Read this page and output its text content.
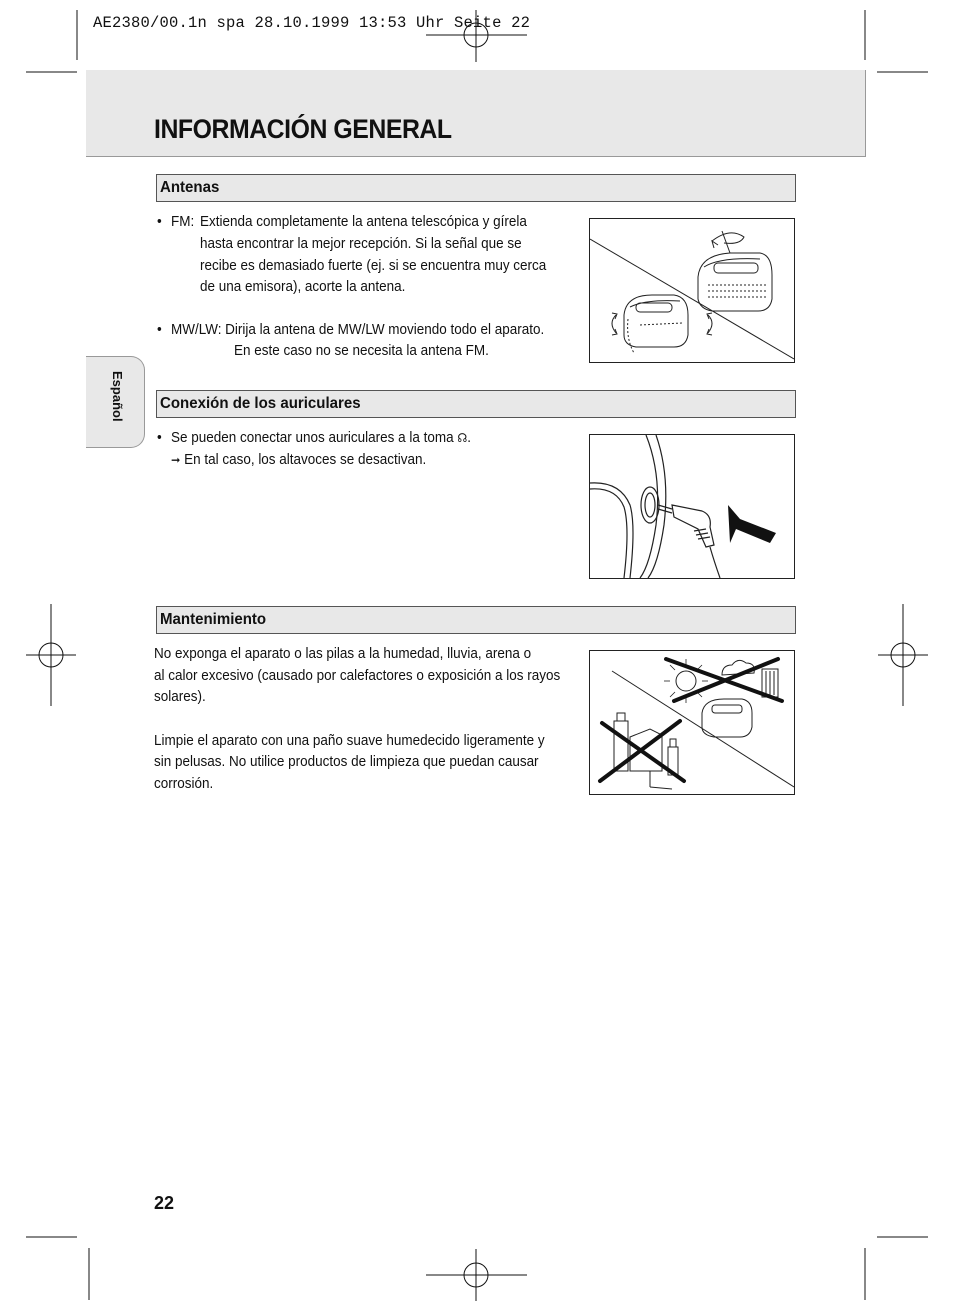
AE2380/00.1n spa 28.10.1999 13:53 Uhr Seite 22
INFORMACIÓN GENERAL
Español
Antenas
• FM: Extienda completamente la antena telescópica y gírela
hasta encontrar la mejor recepción. Si la señal que se
recibe es demasiado fuerte (ej. si se encuentra muy cerca
de una emisora), acorte la antena.
• MW/LW: Dirija la antena de MW/LW moviendo todo el aparato.
En este caso no se necesita la antena FM.
Conexión de los auriculares
• Se pueden conectar unos auriculares a la toma ☊.
➞ En tal caso, los altavoces se desactivan.
Mantenimiento
No exponga el aparato o las pilas a la humedad, lluvia, arena o
al calor excesivo (causado por calefactores o exposición a los rayos
solares).
Limpie el aparato con una paño suave humedecido ligeramente y
sin pelusas. No utilice productos de limpieza que puedan causar
corrosión.
22
